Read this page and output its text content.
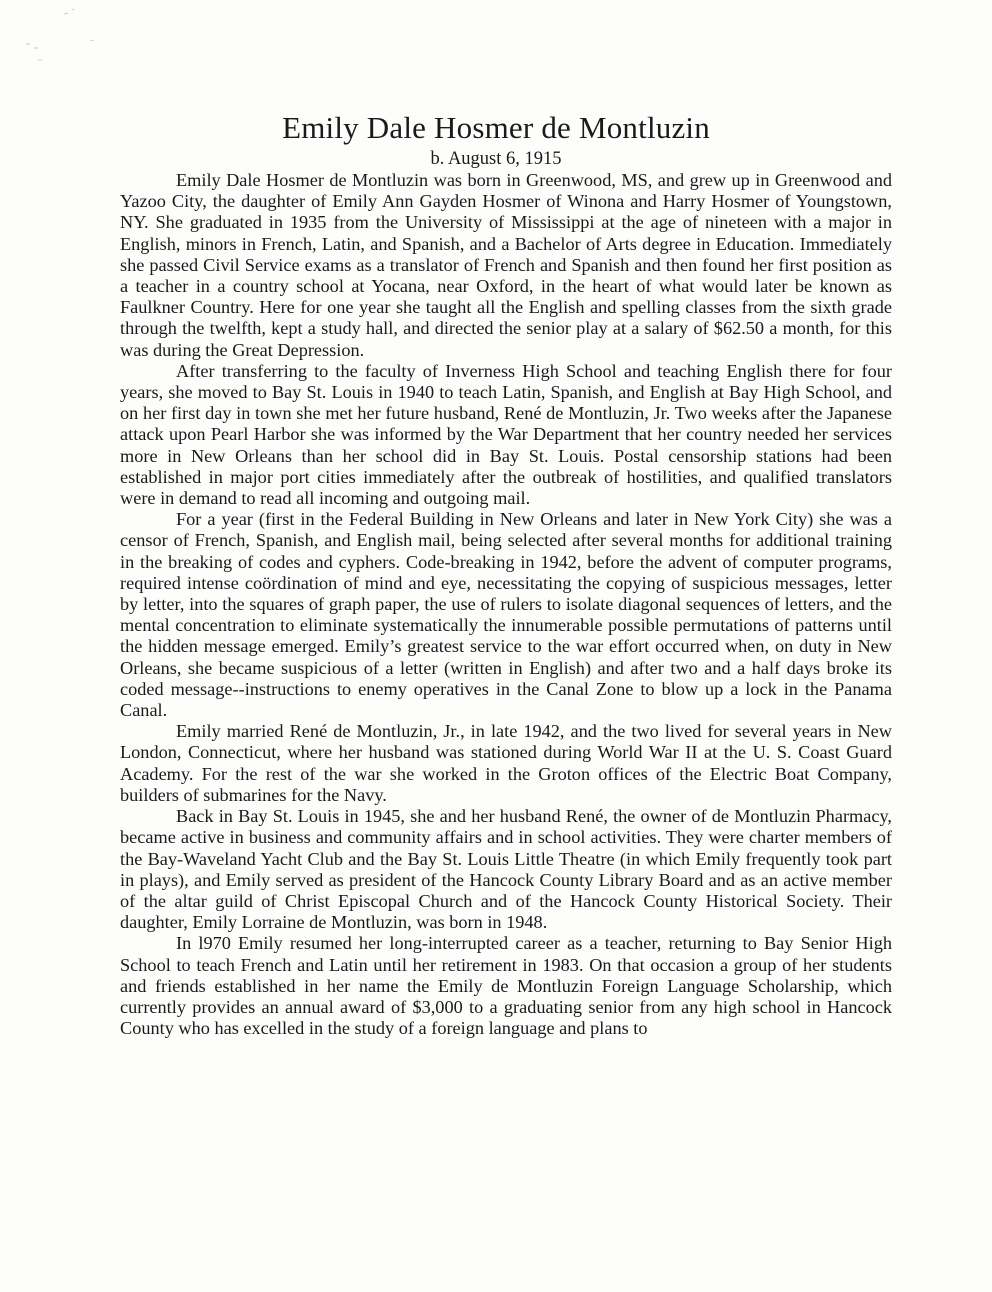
Emily Dale Hosmer de Montluzin
b. August 6, 1915

Emily Dale Hosmer de Montluzin was born in Greenwood, MS, and grew up in Greenwood and Yazoo City, the daughter of Emily Ann Gayden Hosmer of Winona and Harry Hosmer of Youngstown, NY. She graduated in 1935 from the University of Mississippi at the age of nineteen with a major in English, minors in French, Latin, and Spanish, and a Bachelor of Arts degree in Education. Immediately she passed Civil Service exams as a translator of French and Spanish and then found her first position as a teacher in a country school at Yocana, near Oxford, in the heart of what would later be known as Faulkner Country. Here for one year she taught all the English and spelling classes from the sixth grade through the twelfth, kept a study hall, and directed the senior play at a salary of $62.50 a month, for this was during the Great Depression.

After transferring to the faculty of Inverness High School and teaching English there for four years, she moved to Bay St. Louis in 1940 to teach Latin, Spanish, and English at Bay High School, and on her first day in town she met her future husband, René de Montluzin, Jr. Two weeks after the Japanese attack upon Pearl Harbor she was informed by the War Department that her country needed her services more in New Orleans than her school did in Bay St. Louis. Postal censorship stations had been established in major port cities immediately after the outbreak of hostilities, and qualified translators were in demand to read all incoming and outgoing mail.

For a year (first in the Federal Building in New Orleans and later in New York City) she was a censor of French, Spanish, and English mail, being selected after several months for additional training in the breaking of codes and cyphers. Code-breaking in 1942, before the advent of computer programs, required intense coördination of mind and eye, necessitating the copying of suspicious messages, letter by letter, into the squares of graph paper, the use of rulers to isolate diagonal sequences of letters, and the mental concentration to eliminate systematically the innumerable possible permutations of patterns until the hidden message emerged. Emily’s greatest service to the war effort occurred when, on duty in New Orleans, she became suspicious of a letter (written in English) and after two and a half days broke its coded message--instructions to enemy operatives in the Canal Zone to blow up a lock in the Panama Canal.

Emily married René de Montluzin, Jr., in late 1942, and the two lived for several years in New London, Connecticut, where her husband was stationed during World War II at the U. S. Coast Guard Academy. For the rest of the war she worked in the Groton offices of the Electric Boat Company, builders of submarines for the Navy.

Back in Bay St. Louis in 1945, she and her husband René, the owner of de Montluzin Pharmacy, became active in business and community affairs and in school activities. They were charter members of the Bay-Waveland Yacht Club and the Bay St. Louis Little Theatre (in which Emily frequently took part in plays), and Emily served as president of the Hancock County Library Board and as an active member of the altar guild of Christ Episcopal Church and of the Hancock County Historical Society. Their daughter, Emily Lorraine de Montluzin, was born in 1948.

In l970 Emily resumed her long-interrupted career as a teacher, returning to Bay Senior High School to teach French and Latin until her retirement in 1983. On that occasion a group of her students and friends established in her name the Emily de Montluzin Foreign Language Scholarship, which currently provides an annual award of $3,000 to a graduating senior from any high school in Hancock County who has excelled in the study of a foreign language and plans to
